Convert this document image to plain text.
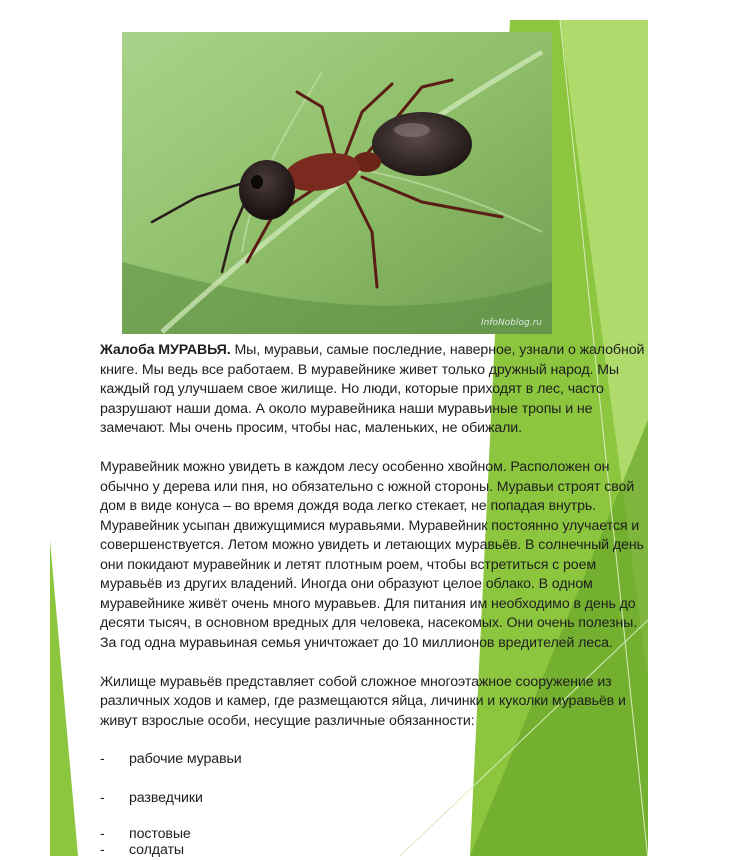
InfoNoblog.ru

Жалоба МУРАВЬЯ. Мы, муравьи, самые последние, наверное, узнали о жалобной книге. Мы ведь все работаем. В муравейнике живет только дружный народ. Мы каждый год улучшаем свое жилище. Но люди, которые приходят в лес, часто разрушают наши дома. А около муравейника наши муравьиные тропы и не замечают. Мы очень просим, чтобы нас, маленьких, не обижали.

Муравейник можно увидеть в каждом лесу особенно хвойном. Расположен он обычно у дерева или пня, но обязательно с южной стороны. Муравьи строят свой дом в виде конуса – во время дождя вода легко стекает, не попадая внутрь. Муравейник усыпан движущимися муравьями. Муравейник постоянно улучается и совершенствуется. Летом можно увидеть и летающих муравьёв. В солнечный день они покидают муравейник и летят плотным роем, чтобы встретиться с роем муравьёв из других владений. Иногда они образуют целое облако. В одном муравейнике живёт очень много муравьев. Для питания им необходимо в день до десяти тысяч, в основном вредных для человека, насекомых. Они очень полезны. За год одна муравьиная семья уничтожает до 10 миллионов вредителей леса.

Жилище муравьёв представляет собой сложное многоэтажное сооружение из различных ходов и камер, где размещаются яйца, личинки и куколки муравьёв и живут взрослые особи, несущие различные обязанности:

- рабочие муравьи
- разведчики
- постовые
- солдаты
